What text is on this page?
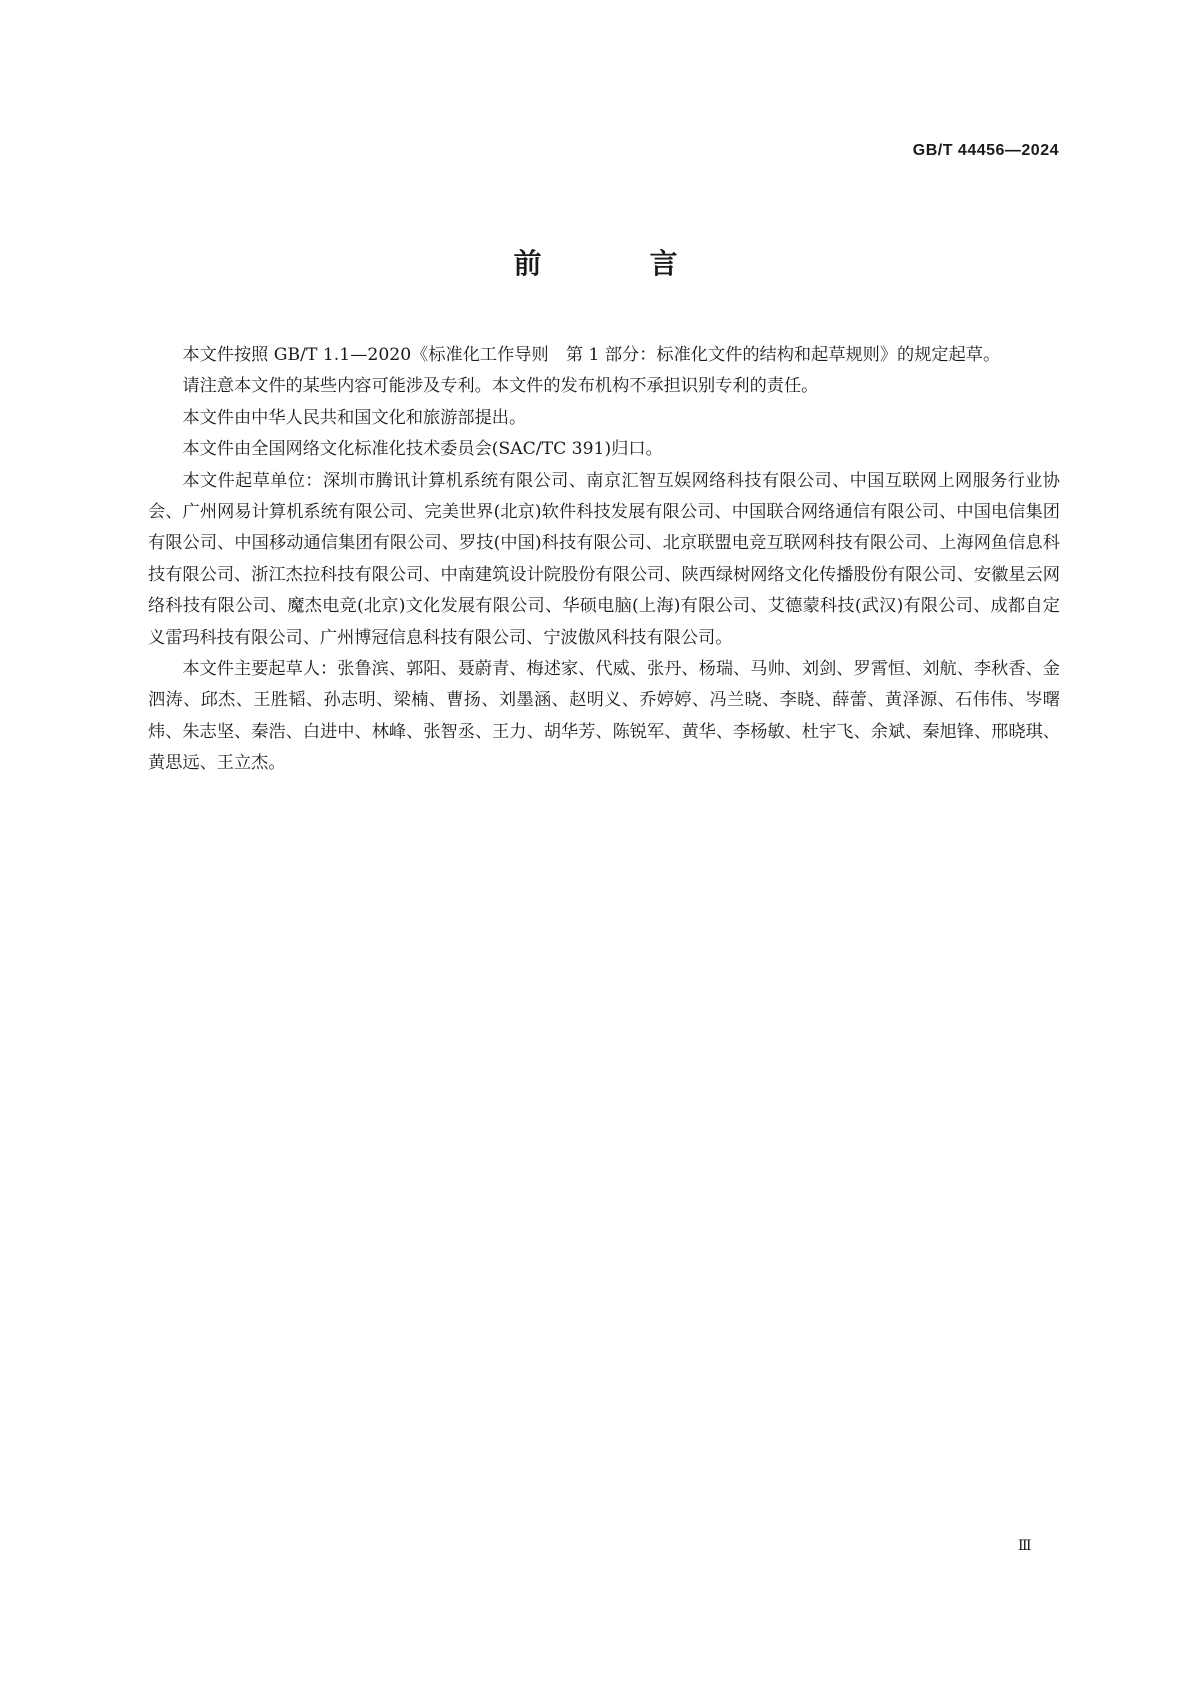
GB/T 44456—2024
前　言

本文件按照 GB/T 1.1—2020《标准化工作导则　第 1 部分：标准化文件的结构和起草规则》的规定起草。

请注意本文件的某些内容可能涉及专利。本文件的发布机构不承担识别专利的责任。

本文件由中华人民共和国文化和旅游部提出。

本文件由全国网络文化标准化技术委员会(SAC/TC 391)归口。

本文件起草单位：深圳市腾讯计算机系统有限公司、南京汇智互娱网络科技有限公司、中国互联网上网服务行业协会、广州网易计算机系统有限公司、完美世界(北京)软件科技发展有限公司、中国联合网络通信有限公司、中国电信集团有限公司、中国移动通信集团有限公司、罗技(中国)科技有限公司、北京联盟电竞互联网科技有限公司、上海网鱼信息科技有限公司、浙江杰拉科技有限公司、中南建筑设计院股份有限公司、陕西绿树网络文化传播股份有限公司、安徽星云网络科技有限公司、魔杰电竞(北京)文化发展有限公司、华硕电脑(上海)有限公司、艾德蒙科技(武汉)有限公司、成都自定义雷玛科技有限公司、广州博冠信息科技有限公司、宁波傲风科技有限公司。

本文件主要起草人：张鲁滨、郭阳、聂蔚青、梅述家、代威、张丹、杨瑞、马帅、刘剑、罗霄恒、刘航、李秋香、金泗涛、邱杰、王胜韬、孙志明、梁楠、曹扬、刘墨涵、赵明义、乔婷婷、冯兰晓、李晓、薛蕾、黄泽源、石伟伟、岑曙炜、朱志坚、秦浩、白进中、林峰、张智丞、王力、胡华芳、陈锐军、黄华、李杨敏、杜宇飞、余斌、秦旭锋、邢晓琪、黄思远、王立杰。

Ⅲ
